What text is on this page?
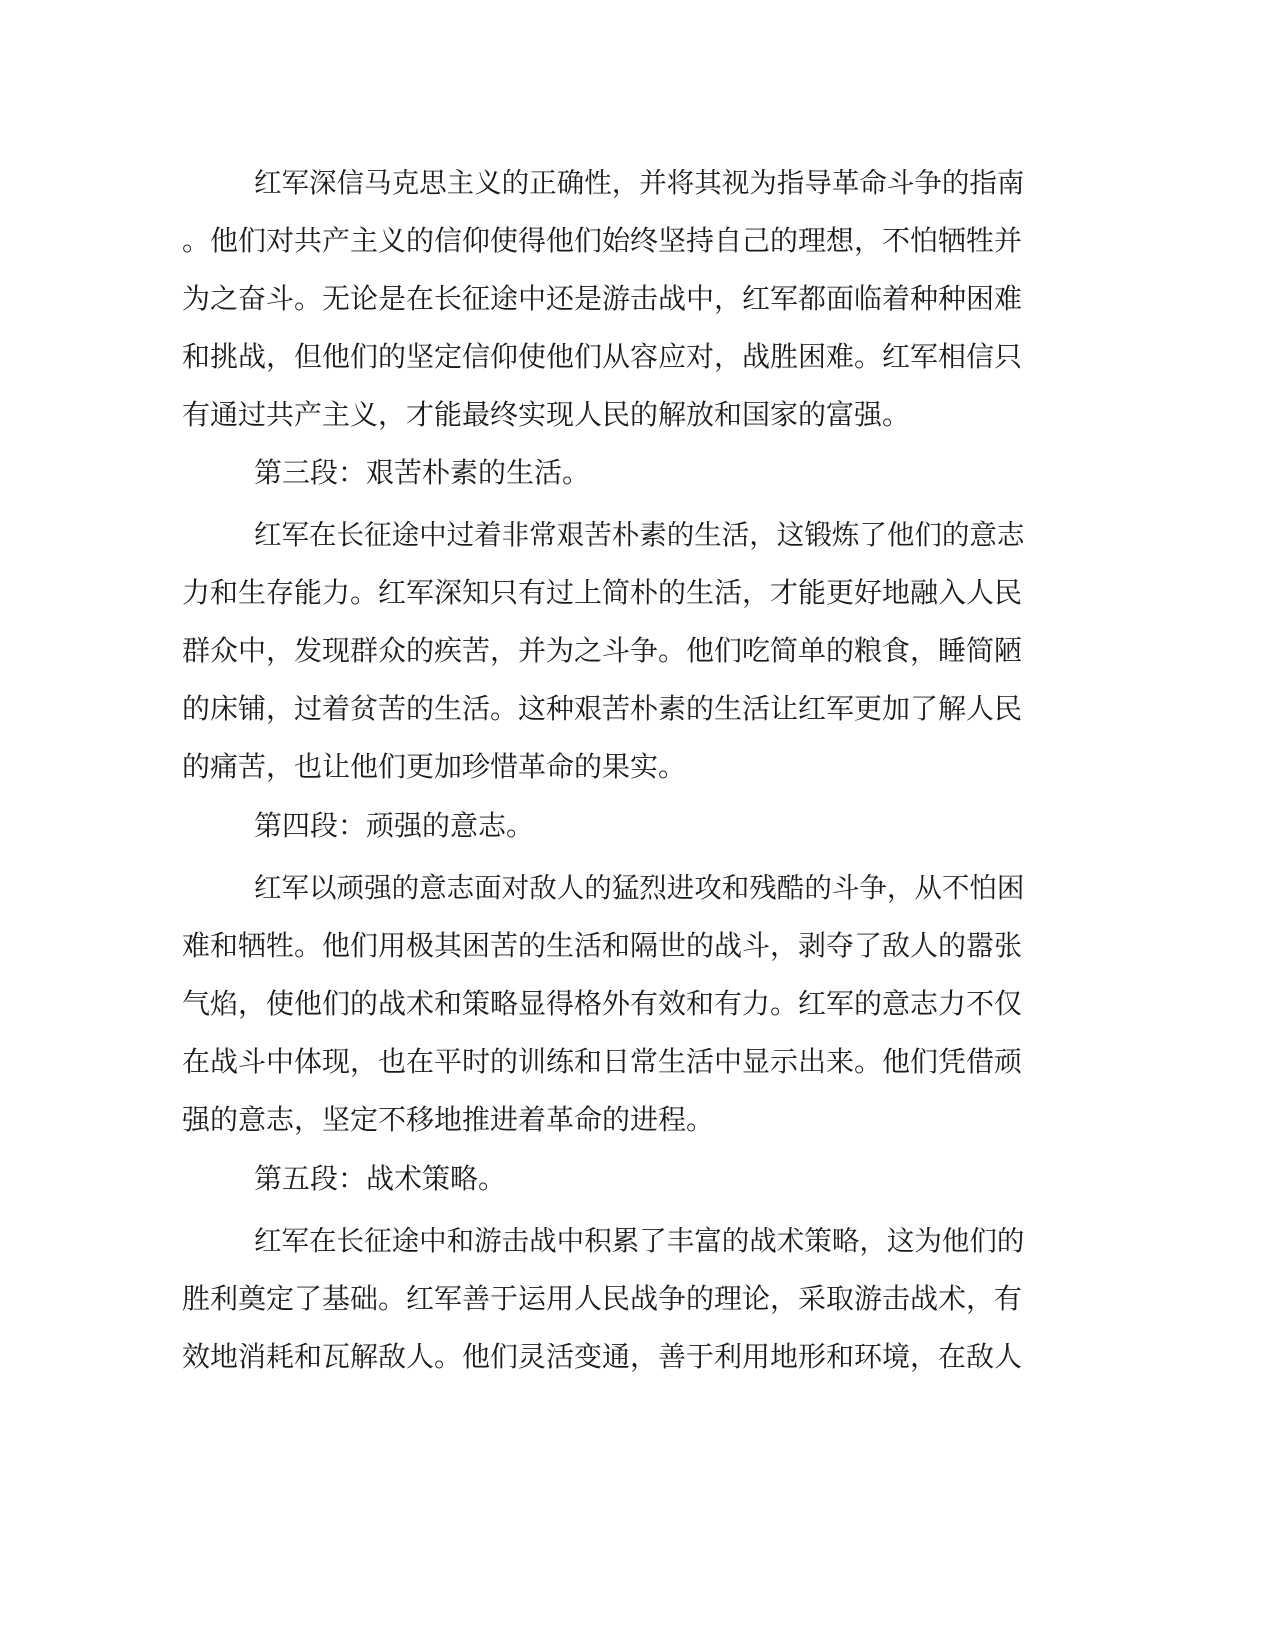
红军深信马克思主义的正确性，并将其视为指导革命斗争的指南
。他们对共产主义的信仰使得他们始终坚持自己的理想，不怕牺牲并
为之奋斗。无论是在长征途中还是游击战中，红军都面临着种种困难
和挑战，但他们的坚定信仰使他们从容应对，战胜困难。红军相信只
有通过共产主义，才能最终实现人民的解放和国家的富强。
第三段：艰苦朴素的生活。
红军在长征途中过着非常艰苦朴素的生活，这锻炼了他们的意志
力和生存能力。红军深知只有过上简朴的生活，才能更好地融入人民
群众中，发现群众的疾苦，并为之斗争。他们吃简单的粮食，睡简陋
的床铺，过着贫苦的生活。这种艰苦朴素的生活让红军更加了解人民
的痛苦，也让他们更加珍惜革命的果实。
第四段：顽强的意志。
红军以顽强的意志面对敌人的猛烈进攻和残酷的斗争，从不怕困
难和牺牲。他们用极其困苦的生活和隔世的战斗，剥夺了敌人的嚣张
气焰，使他们的战术和策略显得格外有效和有力。红军的意志力不仅
在战斗中体现，也在平时的训练和日常生活中显示出来。他们凭借顽
强的意志，坚定不移地推进着革命的进程。
第五段：战术策略。
红军在长征途中和游击战中积累了丰富的战术策略，这为他们的
胜利奠定了基础。红军善于运用人民战争的理论，采取游击战术，有
效地消耗和瓦解敌人。他们灵活变通，善于利用地形和环境，在敌人
